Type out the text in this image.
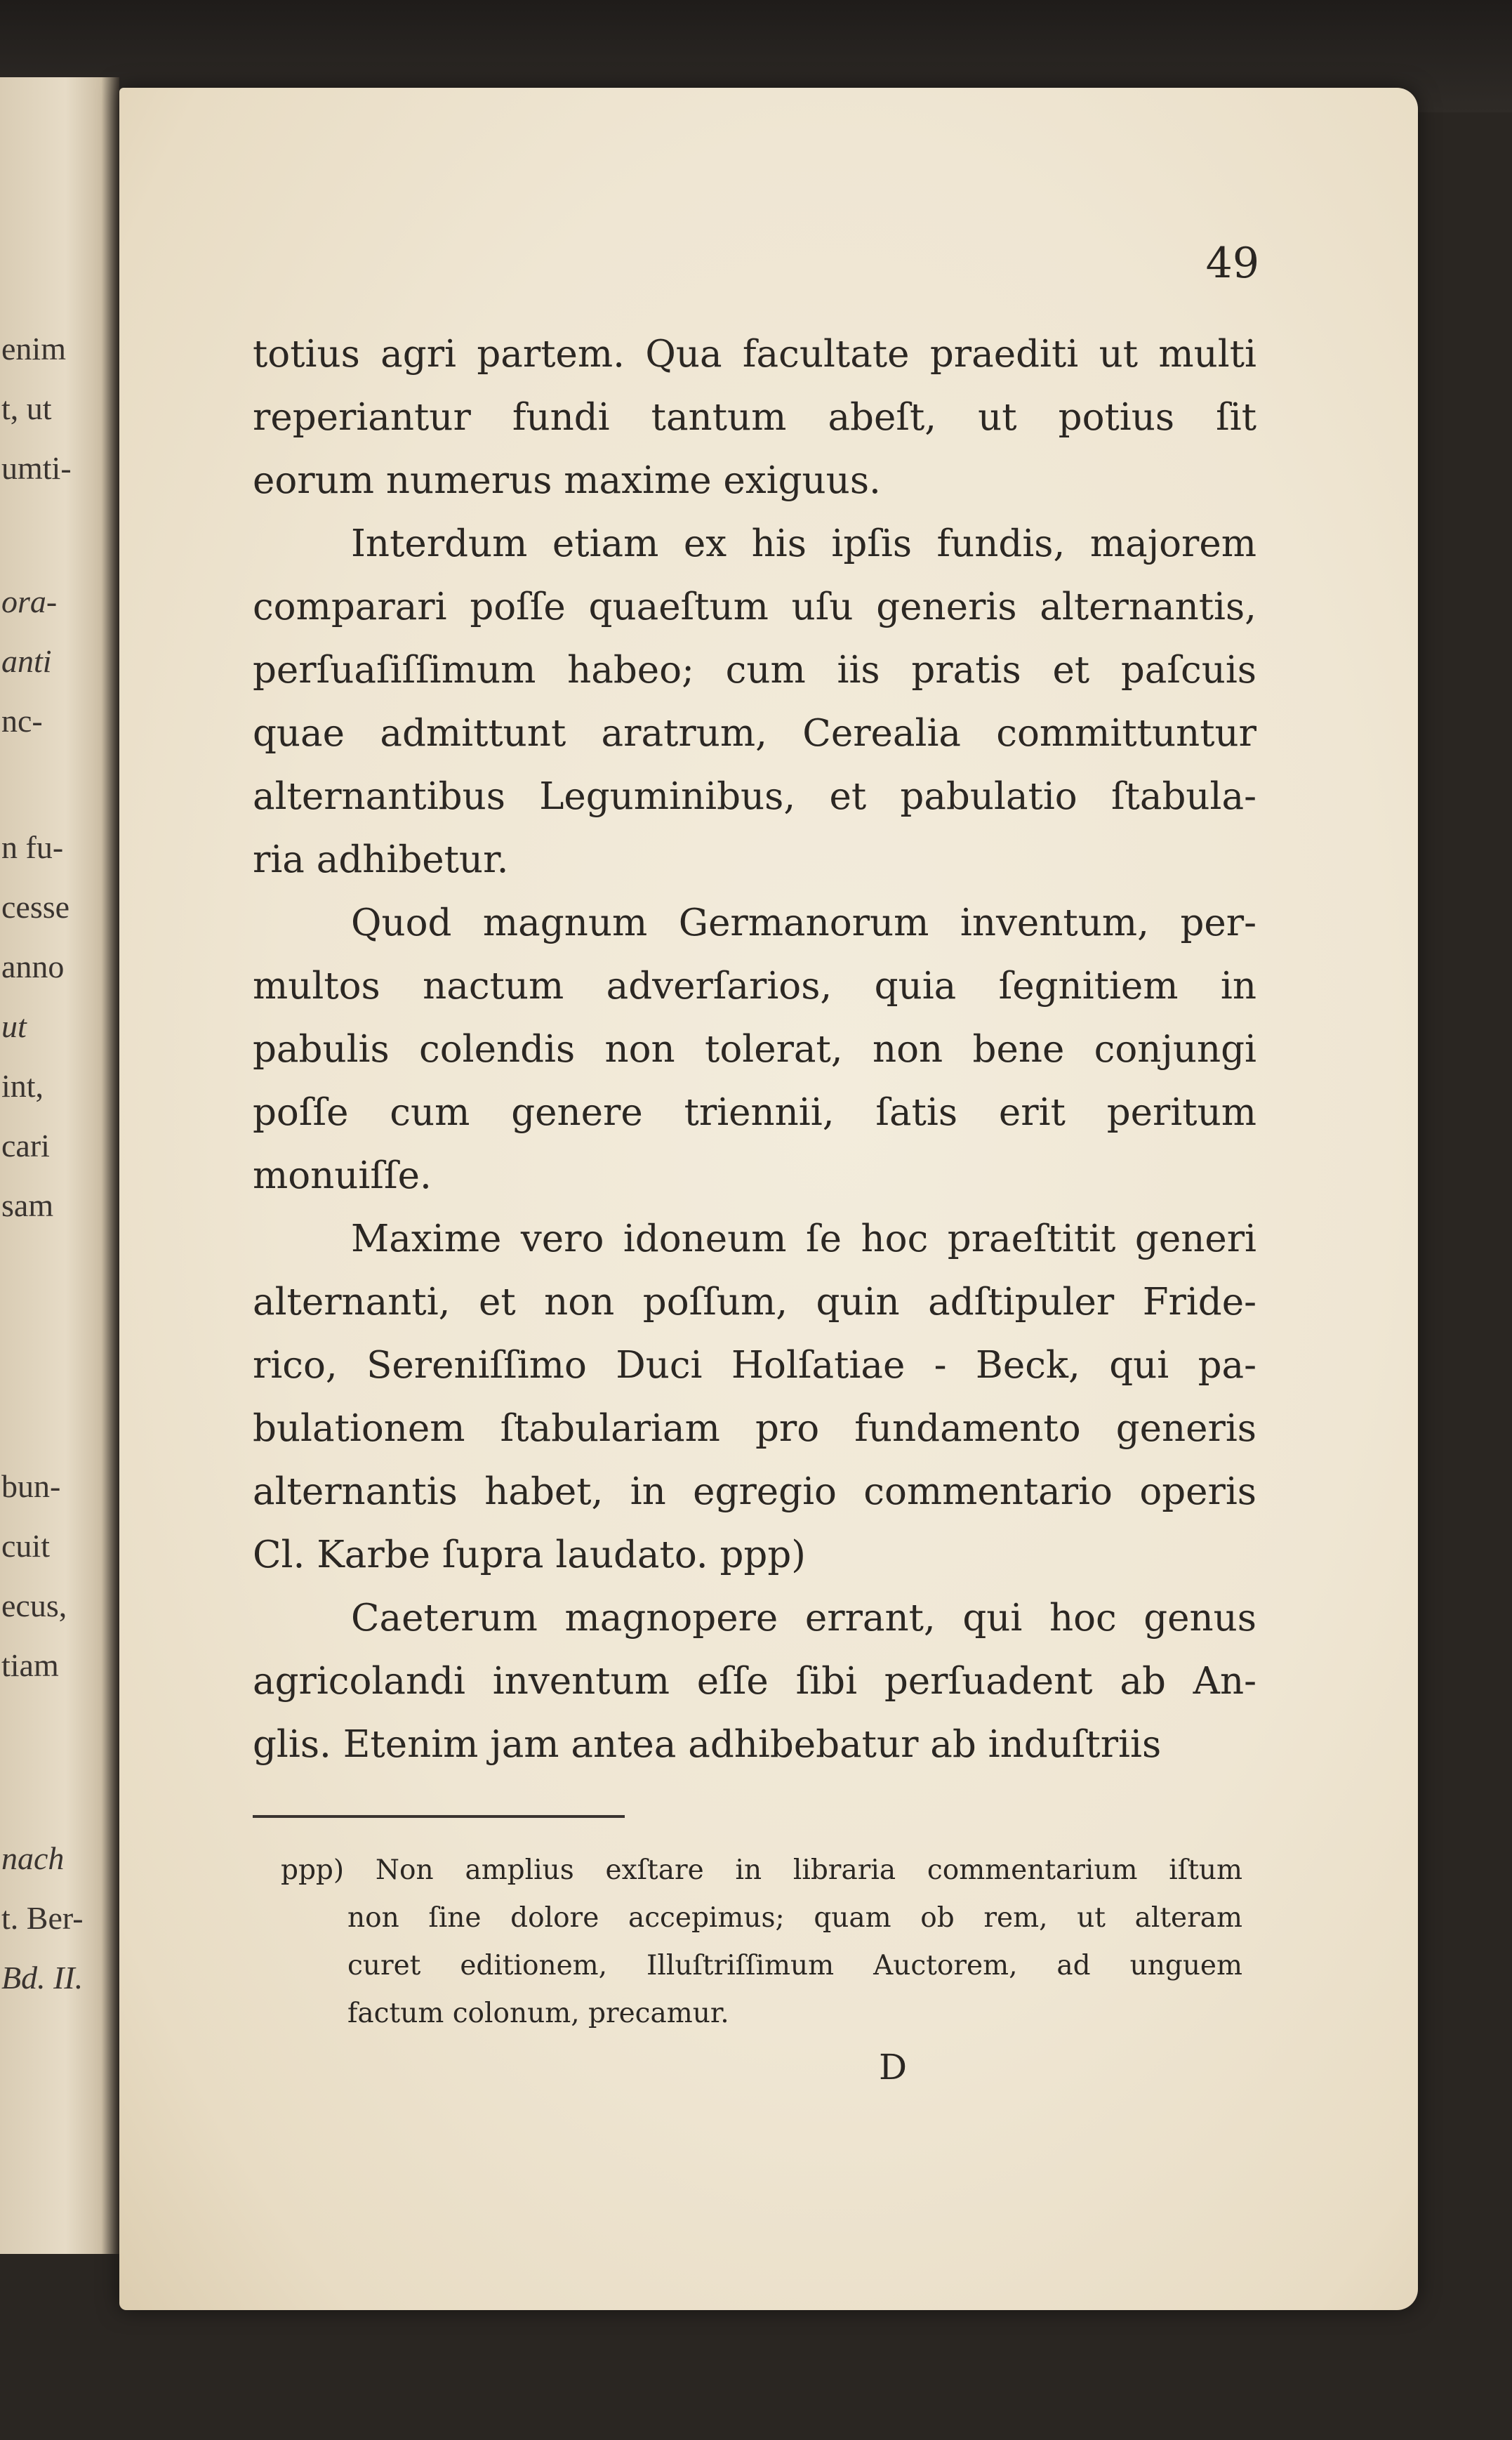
enim
t, ut
umti-
ora-
anti
nc-
n fu-
cesse
anno
ut
int,
cari
sam
bun-
cuit
ecus,
tiam
nach
t. Ber-
Bd. II.
49
totius agri partem. Qua facultate praediti ut multi
reperiantur fundi tantum abeſt, ut potius ſit
eorum numerus maxime exiguus.
Interdum etiam ex his ipſis fundis, majorem
comparari poſſe quaeſtum uſu generis alternantis,
perſuaſiſſimum habeo; cum iis pratis et paſcuis
quae admittunt aratrum, Cerealia committuntur
alternantibus Leguminibus, et pabulatio ſtabula-
ria adhibetur.
Quod magnum Germanorum inventum, per-
multos nactum adverſarios, quia ſegnitiem in
pabulis colendis non tolerat, non bene conjungi
poſſe cum genere triennii, ſatis erit peritum
monuiſſe.
Maxime vero idoneum ſe hoc praeſtitit generi
alternanti, et non poſſum, quin adſtipuler Fride-
rico, Sereniſſimo Duci Holſatiae - Beck, qui pa-
bulationem ſtabulariam pro fundamento generis
alternantis habet, in egregio commentario operis
Cl. Karbe ſupra laudato. ppp)
Caeterum magnopere errant, qui hoc genus
agricolandi inventum eſſe ſibi perſuadent ab An-
glis. Etenim jam antea adhibebatur ab induſtriis
ppp) Non amplius exſtare in libraria commentarium iſtum
non ſine dolore accepimus; quam ob rem, ut alteram
curet editionem, Illuſtriſſimum Auctorem, ad unguem
factum colonum, precamur.
D
